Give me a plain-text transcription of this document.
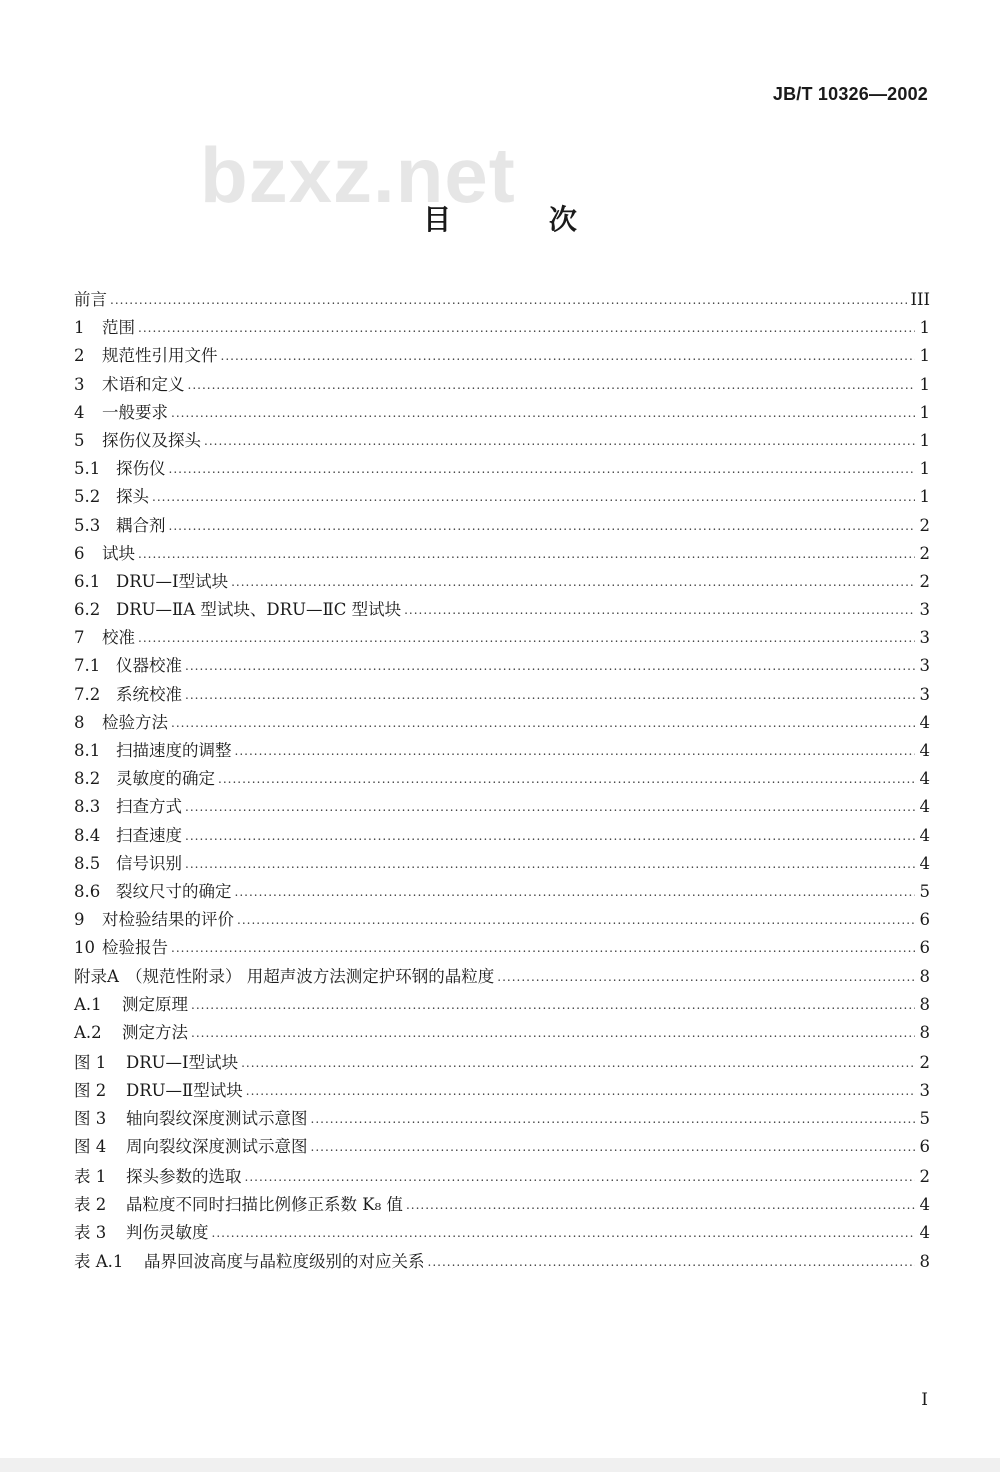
JB/T 10326—2002
bzxz.net
目 次
前言 .....	III
1	范围 .....	1
2	规范性引用文件 .....	1
3	术语和定义 .....	1
4	一般要求 .....	1
5	探伤仪及探头 .....	1
5.1 探伤仪 .....	1
5.2 探头 .....	1
5.3 耦合剂 .....	2
6	试块 .....	2
6.1 DRU—Ⅰ型试块 .....	2
6.2 DRU—ⅡA 型试块、DRU—ⅡC 型试块 .....	3
7	校准 .....	3
7.1 仪器校准 .....	3
7.2 系统校准 .....	3
8	检验方法 .....	4
8.1 扫描速度的调整 .....	4
8.2 灵敏度的确定 .....	4
8.3 扫查方式 .....	4
8.4 扫查速度 .....	4
8.5 信号识别 .....	4
8.6 裂纹尺寸的确定 .....	5
9	对检验结果的评价 .....	6
10 检验报告 .....	6
附录A （规范性附录） 用超声波方法测定护环钢的晶粒度 .....	8
A.1	测定原理 .....	8
A.2	测定方法 .....	8
图 1	DRU—Ⅰ型试块 .....	2
图 2	DRU—Ⅱ型试块 .....	3
图 3	轴向裂纹深度测试示意图 .....	5
图 4	周向裂纹深度测试示意图 .....	6
表 1	探头参数的选取 .....	2
表 2	晶粒度不同时扫描比例修正系数 K₈ 值 .....	4
表 3	判伤灵敏度 .....	4
表 A.1	晶界回波高度与晶粒度级别的对应关系 .....	8
I
